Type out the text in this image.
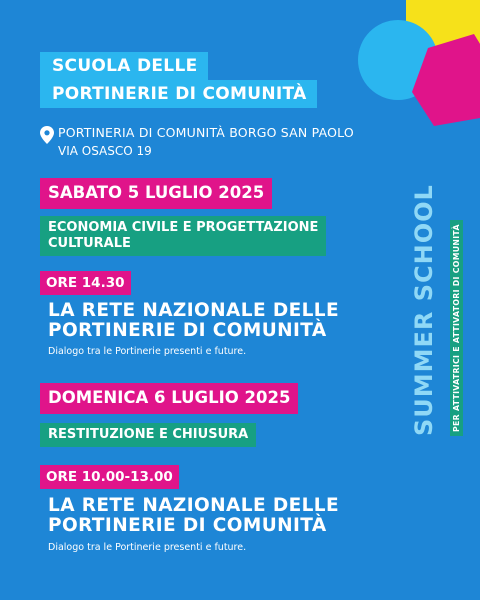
SCUOLA DELLE
PORTINERIE DI COMUNITÀ
PORTINERIA DI COMUNITÀ BORGO SAN PAOLO
VIA OSASCO 19
SABATO 5 LUGLIO 2025
ECONOMIA CIVILE E PROGETTAZIONE
CULTURALE
ORE 14.30
LA RETE NAZIONALE DELLE
PORTINERIE DI COMUNITÀ
Dialogo tra le Portinerie presenti e future.
DOMENICA 6 LUGLIO 2025
RESTITUZIONE E CHIUSURA
ORE 10.00-13.00
LA RETE NAZIONALE DELLE
PORTINERIE DI COMUNITÀ
Dialogo tra le Portinerie presenti e future.
SUMMER SCHOOL PER ATTIVATRICI E ATTIVATORI DI COMUNITÀ
